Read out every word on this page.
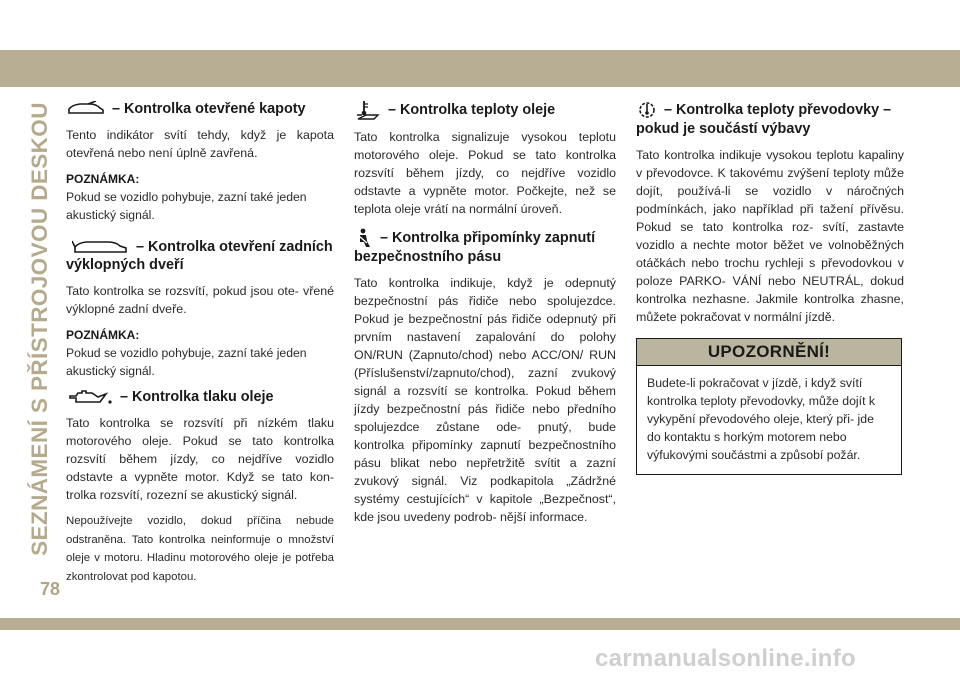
SEZNÁMENÍ S PŘÍSTROJOVOU DESKOU	– Kontrolka otevřené kapoty

Tento indikátor svítí tehdy, když je kapota otevřená nebo není úplně zavřená.

POZNÁMKA:
Pokud se vozidlo pohybuje, zazní také jeden akustický signál.
– Kontrolka otevření zadních výklopných dveří

Tato kontrolka se rozsvítí, pokud jsou ote- vřené výklopné zadní dveře.

POZNÁMKA:
Pokud se vozidlo pohybuje, zazní také jeden akustický signál.
– Kontrolka tlaku oleje

Tato kontrolka se rozsvítí při nízkém tlaku motorového oleje. Pokud se tato kontrolka rozsvítí během jízdy, co nejdříve vozidlo odstavte a vypněte motor. Když se tato kon- trolka rozsvítí, rozezní se akustický signál.

Nepoužívejte vozidlo, dokud příčina nebude odstraněna. Tato kontrolka neinformuje o množství oleje v motoru. Hladinu motorového oleje je potřeba zkontrolovat pod kapotou.

– Kontrolka teploty oleje

Tato kontrolka signalizuje vysokou teplotu motorového oleje. Pokud se tato kontrolka rozsvítí během jízdy, co nejdříve vozidlo odstavte a vypněte motor. Počkejte, než se teplota oleje vrátí na normální úroveň.

– Kontrolka připomínky zapnutí bezpečnostního pásu

Tato kontrolka indikuje, když je odepnutý bezpečnostní pás řidiče nebo spolujezdce. Pokud je bezpečnostní pás řidiče odepnutý při prvním nastavení zapalování do polohy ON/RUN (Zapnuto/chod) nebo ACC/ON/ RUN (Příslušenství/zapnuto/chod), zazní zvukový signál a rozsvítí se kontrolka. Pokud během jízdy bezpečnostní pás řidiče nebo předního spolujezdce zůstane ode- pnutý, bude kontrolka připomínky zapnutí bezpečnostního pásu blikat nebo nepřetržitě svítit a zazní zvukový signál. Viz podkapitola „Zádržné systémy cestujících“ v kapitole „Bezpečnost“, kde jsou uvedeny podrob- nější informace.

– Kontrolka teploty převodovky – pokud je součástí výbavy

Tato kontrolka indikuje vysokou teplotu kapaliny v převodovce. K takovému zvýšení teploty může dojít, používá-li se vozidlo v náročných podmínkách, jako například při tažení přívěsu. Pokud se tato kontrolka roz- svítí, zastavte vozidlo a nechte motor běžet ve volnoběžných otáčkách nebo trochu rychleji s převodovkou v poloze PARKO- VÁNÍ nebo NEUTRÁL, dokud kontrolka nezhasne. Jakmile kontrolka zhasne, můžete pokračovat v normální jízdě.

UPOZORNĚNÍ!
Budete-li pokračovat v jízdě, i když svítí kontrolka teploty převodovky, může dojít k vykypění převodového oleje, který při- jde do kontaktu s horkým motorem nebo výfukovými součástmi a způsobí požár.
78
carmanualsonline.info
